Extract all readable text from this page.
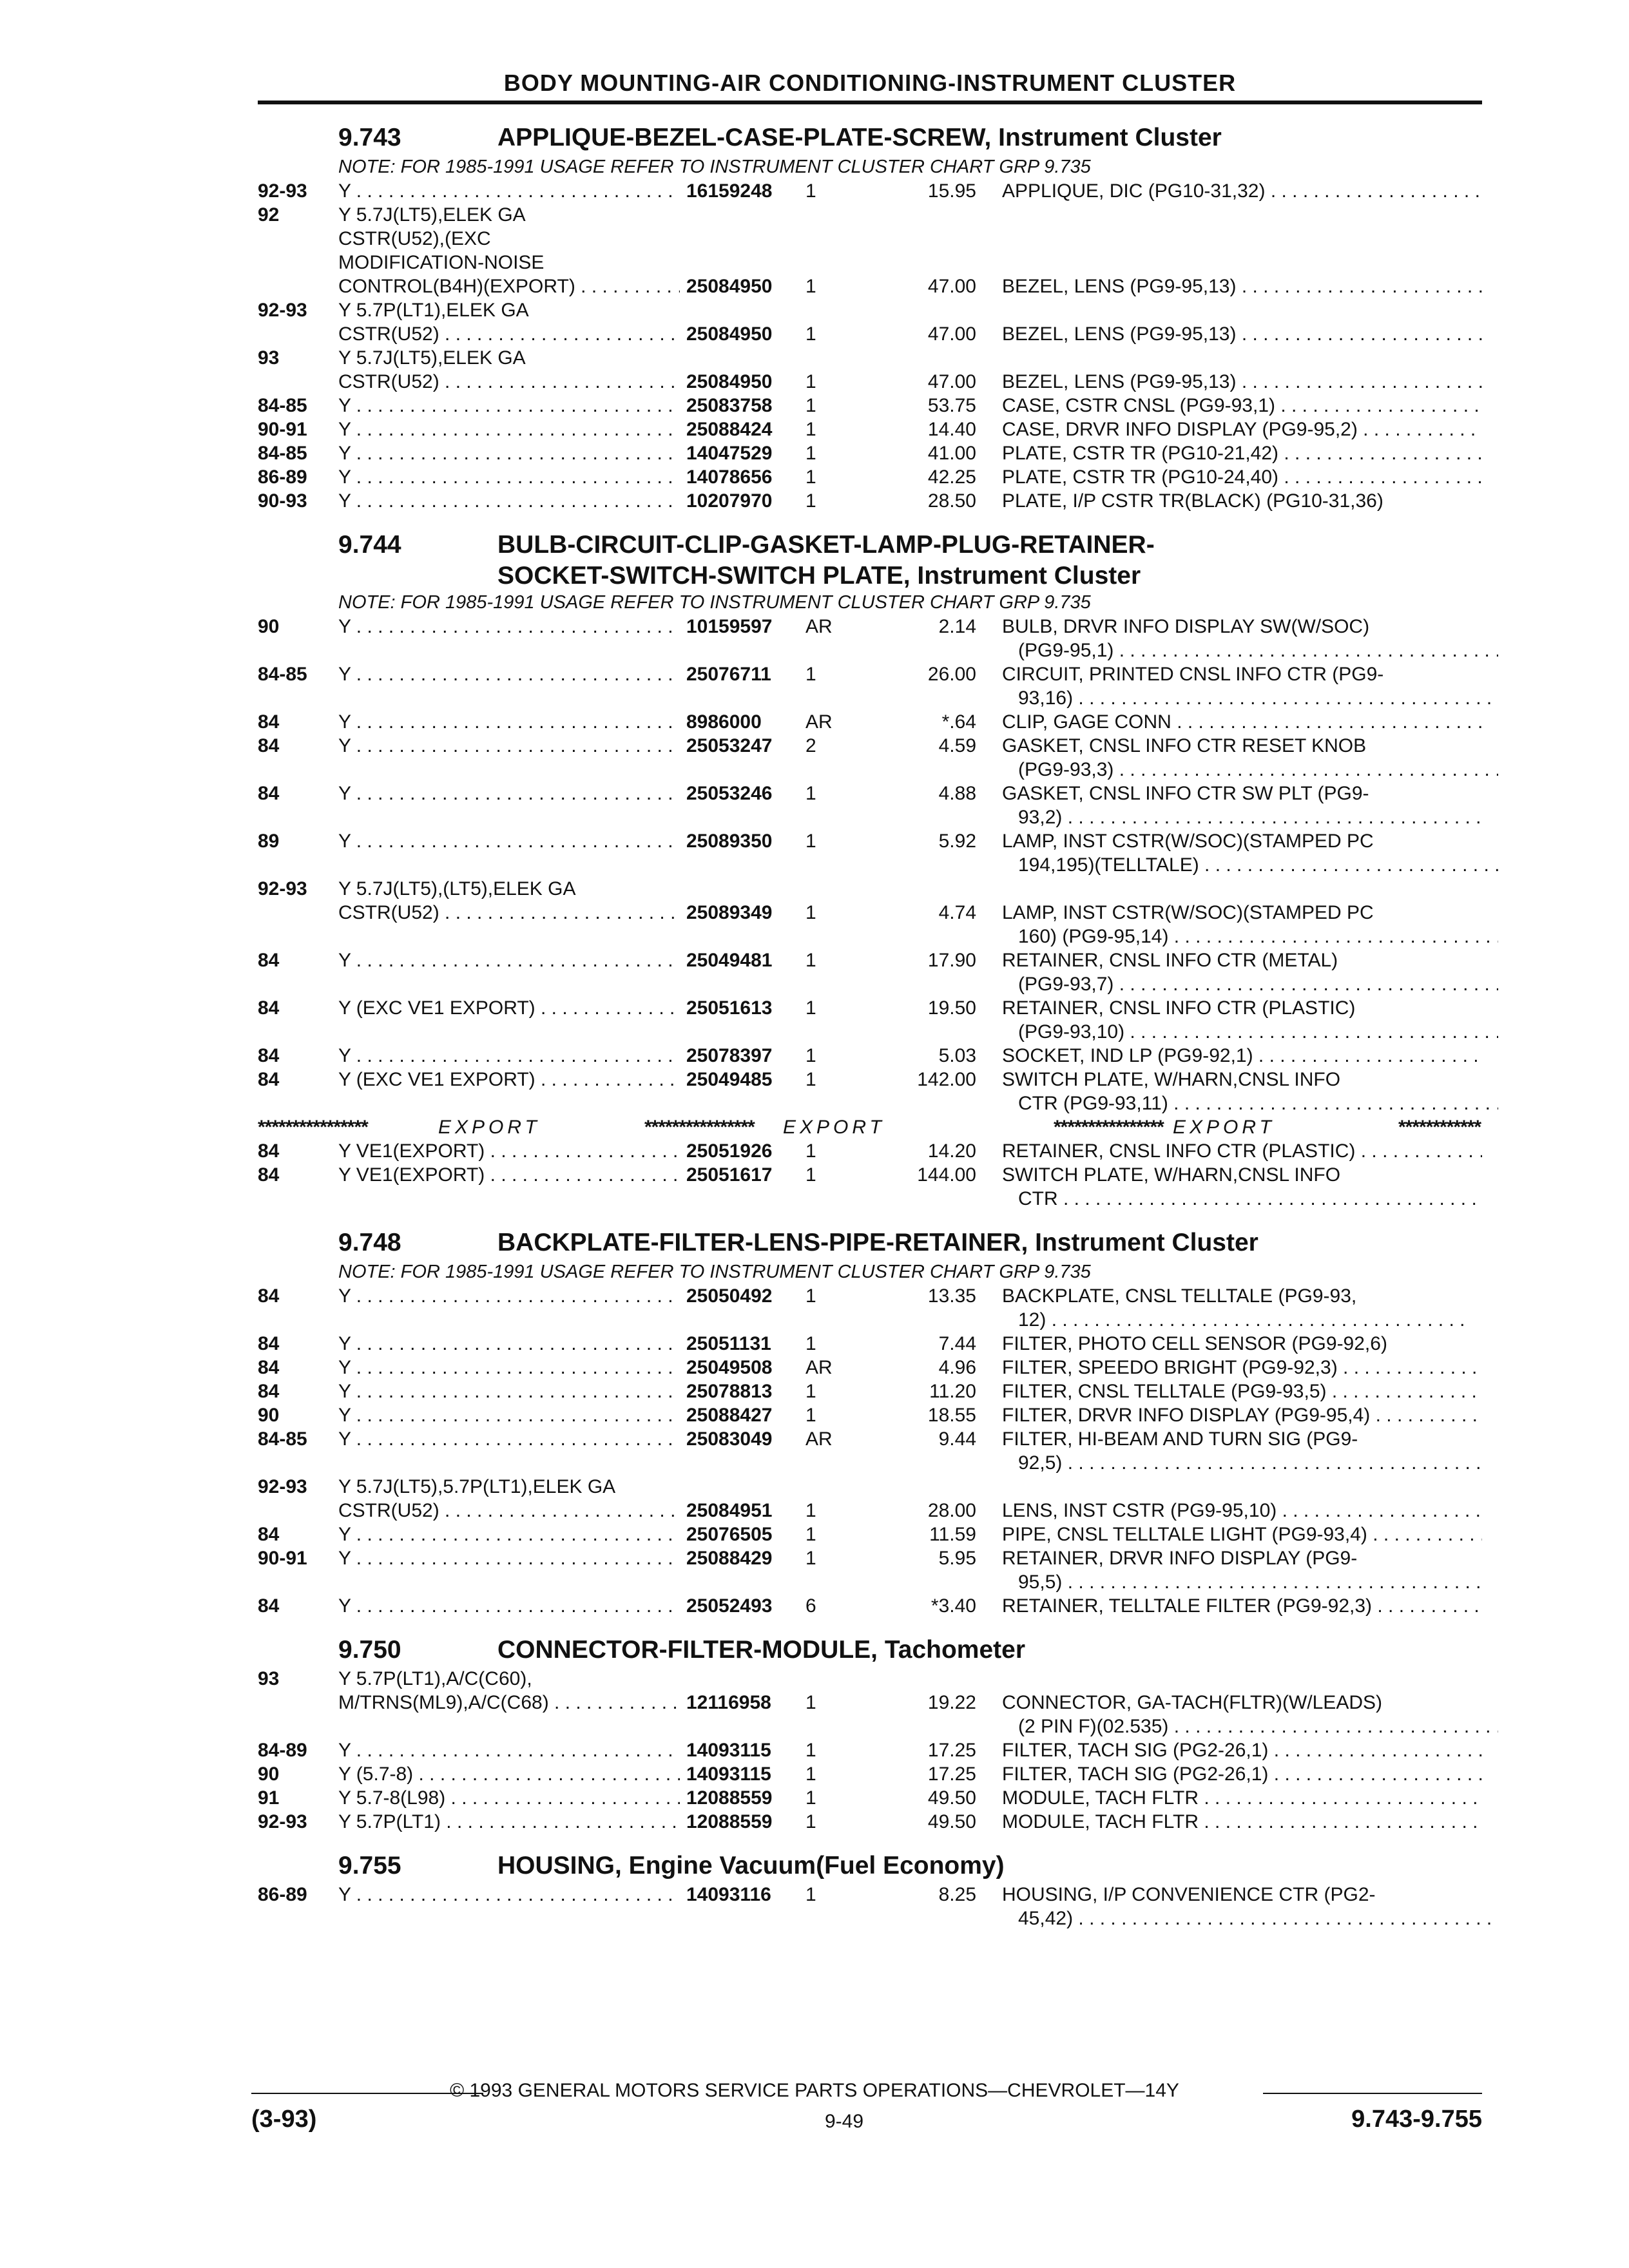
BODY MOUNTING-AIR CONDITIONING-INSTRUMENT CLUSTER
9.743	APPLIQUE-BEZEL-CASE-PLATE-SCREW, Instrument Cluster
NOTE: FOR 1985-1991 USAGE REFER TO INSTRUMENT CLUSTER CHART GRP 9.735
92-93 Y . . .	16159248 1	15.95 APPLIQUE, DIC (PG10-31,32) . . .
92	Y 5.7J(LT5),ELEK GA
CSTR(U52),(EXC
MODIFICATION-NOISE
CONTROL(B4H)(EXPORT) . . .	25084950 1	47.00 BEZEL, LENS (PG9-95,13) . . .
92-93 Y 5.7P(LT1),ELEK GA
CSTR(U52) . . .	25084950 1	47.00 BEZEL, LENS (PG9-95,13) . . .
93	Y 5.7J(LT5),ELEK GA
CSTR(U52) . . .	25084950 1	47.00 BEZEL, LENS (PG9-95,13) . . .
84-85 Y . . .	25083758 1	53.75 CASE, CSTR CNSL (PG9-93,1) . . .
90-91 Y . . .	25088424 1	14.40 CASE, DRVR INFO DISPLAY (PG9-95,2) . . .
84-85 Y . . .	14047529 1	41.00 PLATE, CSTR TR (PG10-21,42) . . .
86-89 Y . . .	14078656 1	42.25 PLATE, CSTR TR (PG10-24,40) . . .
90-93 Y . . .	10207970 1	28.50 PLATE, I/P CSTR TR(BLACK) (PG10-31,36)
9.744	BULB-CIRCUIT-CLIP-GASKET-LAMP-PLUG-RETAINER-
SOCKET-SWITCH-SWITCH PLATE, Instrument Cluster
NOTE: FOR 1985-1991 USAGE REFER TO INSTRUMENT CLUSTER CHART GRP 9.735
90	Y . . .	10159597 AR	2.14 BULB, DRVR INFO DISPLAY SW(W/SOC)
(PG9-95,1) . . .
84-85 Y . . .	25076711 1	26.00 CIRCUIT, PRINTED CNSL INFO CTR (PG9-
93,16) . . .
84	Y . . .	8986000 AR	*.64 CLIP, GAGE CONN . . .
84	Y . . .	25053247 2	4.59 GASKET, CNSL INFO CTR RESET KNOB
(PG9-93,3) . . .
84	Y . . .	25053246 1	4.88 GASKET, CNSL INFO CTR SW PLT (PG9-
93,2) . . .
89	Y . . .	25089350 1	5.92 LAMP, INST CSTR(W/SOC)(STAMPED PC
194,195)(TELLTALE) . . .
92-93 Y 5.7J(LT5),(LT5),ELEK GA
CSTR(U52) . . .	25089349 1	4.74 LAMP, INST CSTR(W/SOC)(STAMPED PC
160) (PG9-95,14) . . .
84	Y . . .	25049481 1	17.90 RETAINER, CNSL INFO CTR (METAL)
(PG9-93,7) . . .
84	Y (EXC VE1 EXPORT) . . .	25051613 1	19.50 RETAINER, CNSL INFO CTR (PLASTIC)
(PG9-93,10) . . .
84	Y . . .	25078397 1	5.03 SOCKET, IND LP (PG9-92,1) . . .
84	Y (EXC VE1 EXPORT) . . .	25049485 1	142.00 SWITCH PLATE, W/HARN,CNSL INFO
CTR (PG9-93,11) . . .
****************	****************	****************	************
EXPORT	EXPORT	EXPORT
84	Y VE1(EXPORT) . . .	25051926 1	14.20 RETAINER, CNSL INFO CTR (PLASTIC) . . .
84	Y VE1(EXPORT) . . .	25051617 1	144.00 SWITCH PLATE, W/HARN,CNSL INFO
CTR . . .
9.748	BACKPLATE-FILTER-LENS-PIPE-RETAINER, Instrument Cluster
NOTE: FOR 1985-1991 USAGE REFER TO INSTRUMENT CLUSTER CHART GRP 9.735
84	Y . . .	25050492 1	13.35 BACKPLATE, CNSL TELLTALE (PG9-93,
12) . . .
84	Y . . .	25051131 1	7.44 FILTER, PHOTO CELL SENSOR (PG9-92,6)
84	Y . . .	25049508 AR	4.96 FILTER, SPEEDO BRIGHT (PG9-92,3) . . .
84	Y . . .	25078813 1	11.20 FILTER, CNSL TELLTALE (PG9-93,5) . . .
90	Y . . .	25088427 1	18.55 FILTER, DRVR INFO DISPLAY (PG9-95,4) . . .
84-85 Y . . .	25083049 AR	9.44 FILTER, HI-BEAM AND TURN SIG (PG9-
92,5) . . .
92-93 Y 5.7J(LT5),5.7P(LT1),ELEK GA
CSTR(U52) . . .	25084951 1	28.00 LENS, INST CSTR (PG9-95,10) . . .
84	Y . . .	25076505 1	11.59 PIPE, CNSL TELLTALE LIGHT (PG9-93,4) . . .
90-91 Y . . .	25088429 1	5.95 RETAINER, DRVR INFO DISPLAY (PG9-
95,5) . . .
84	Y . . .	25052493 6	*3.40 RETAINER, TELLTALE FILTER (PG9-92,3) . . .
9.750	CONNECTOR-FILTER-MODULE, Tachometer
93	Y 5.7P(LT1),A/C(C60),
M/TRNS(ML9),A/C(C68) . . .	12116958 1	19.22 CONNECTOR, GA-TACH(FLTR)(W/LEADS)
(2 PIN F)(02.535) . . .
84-89 Y . . .	14093115 1	17.25 FILTER, TACH SIG (PG2-26,1) . . .
90	Y (5.7-8) . . .	14093115 1	17.25 FILTER, TACH SIG (PG2-26,1) . . .
91	Y 5.7-8(L98) . . .	12088559 1	49.50 MODULE, TACH FLTR . . .
92-93 Y 5.7P(LT1) . . .	12088559 1	49.50 MODULE, TACH FLTR . . .
9.755	HOUSING, Engine Vacuum(Fuel Economy)
86-89 Y . . .	14093116 1	8.25 HOUSING, I/P CONVENIENCE CTR (PG2-
45,42) . . .
© 1993 GENERAL MOTORS SERVICE PARTS OPERATIONS—CHEVROLET—14Y
(3-93)	9-49	9.743-9.755
